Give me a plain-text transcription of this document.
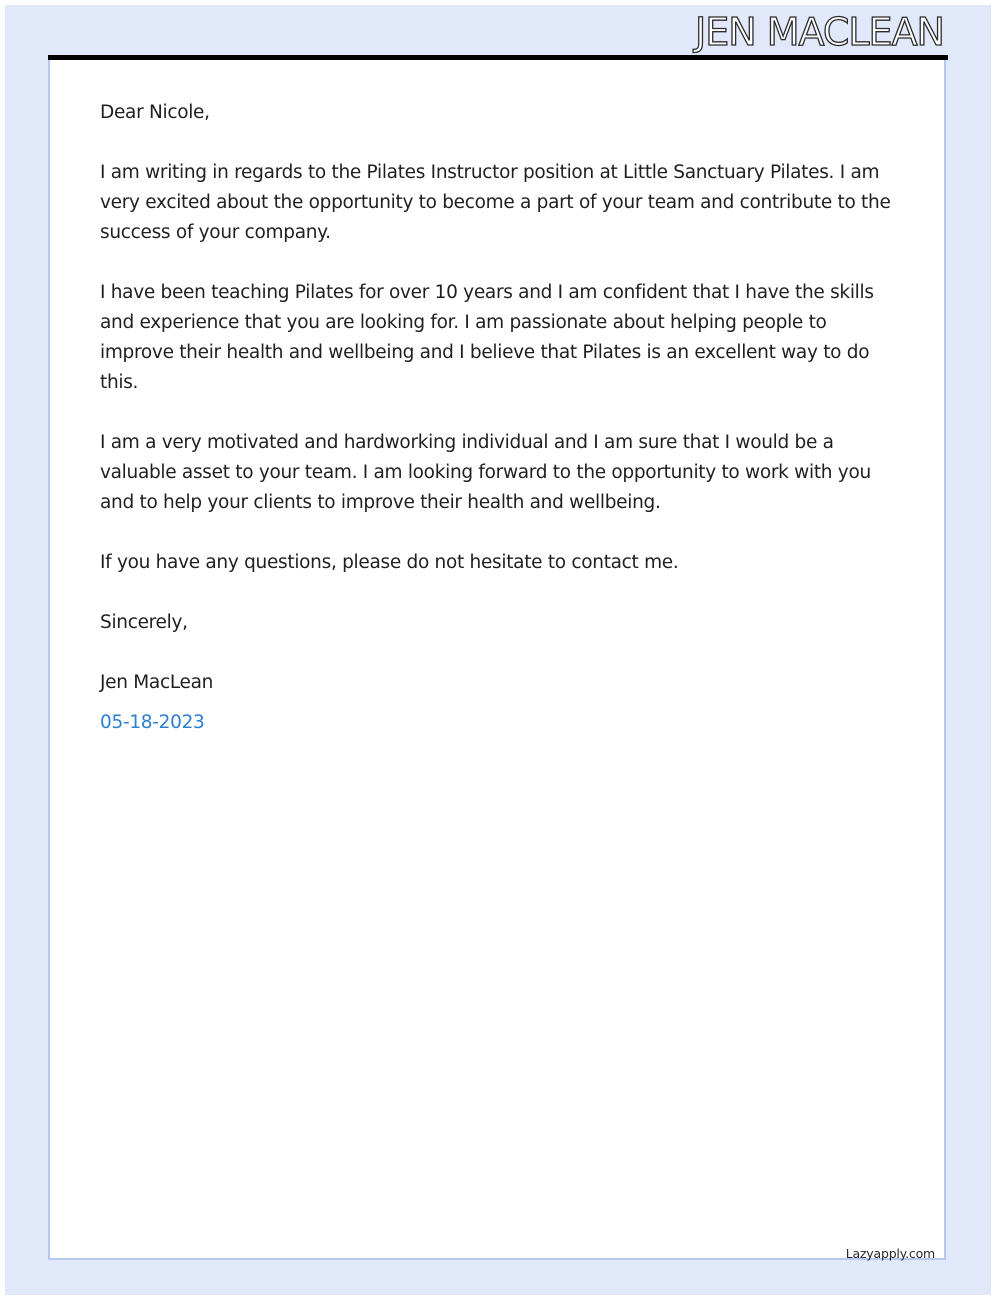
JEN MACLEAN

Dear Nicole,

I am writing in regards to the Pilates Instructor position at Little Sanctuary Pilates. I am very excited about the opportunity to become a part of your team and contribute to the success of your company.

I have been teaching Pilates for over 10 years and I am confident that I have the skills and experience that you are looking for. I am passionate about helping people to improve their health and wellbeing and I believe that Pilates is an excellent way to do this.

I am a very motivated and hardworking individual and I am sure that I would be a valuable asset to your team. I am looking forward to the opportunity to work with you and to help your clients to improve their health and wellbeing.

If you have any questions, please do not hesitate to contact me.

Sincerely,

Jen MacLean

05-18-2023

Lazyapply.com
